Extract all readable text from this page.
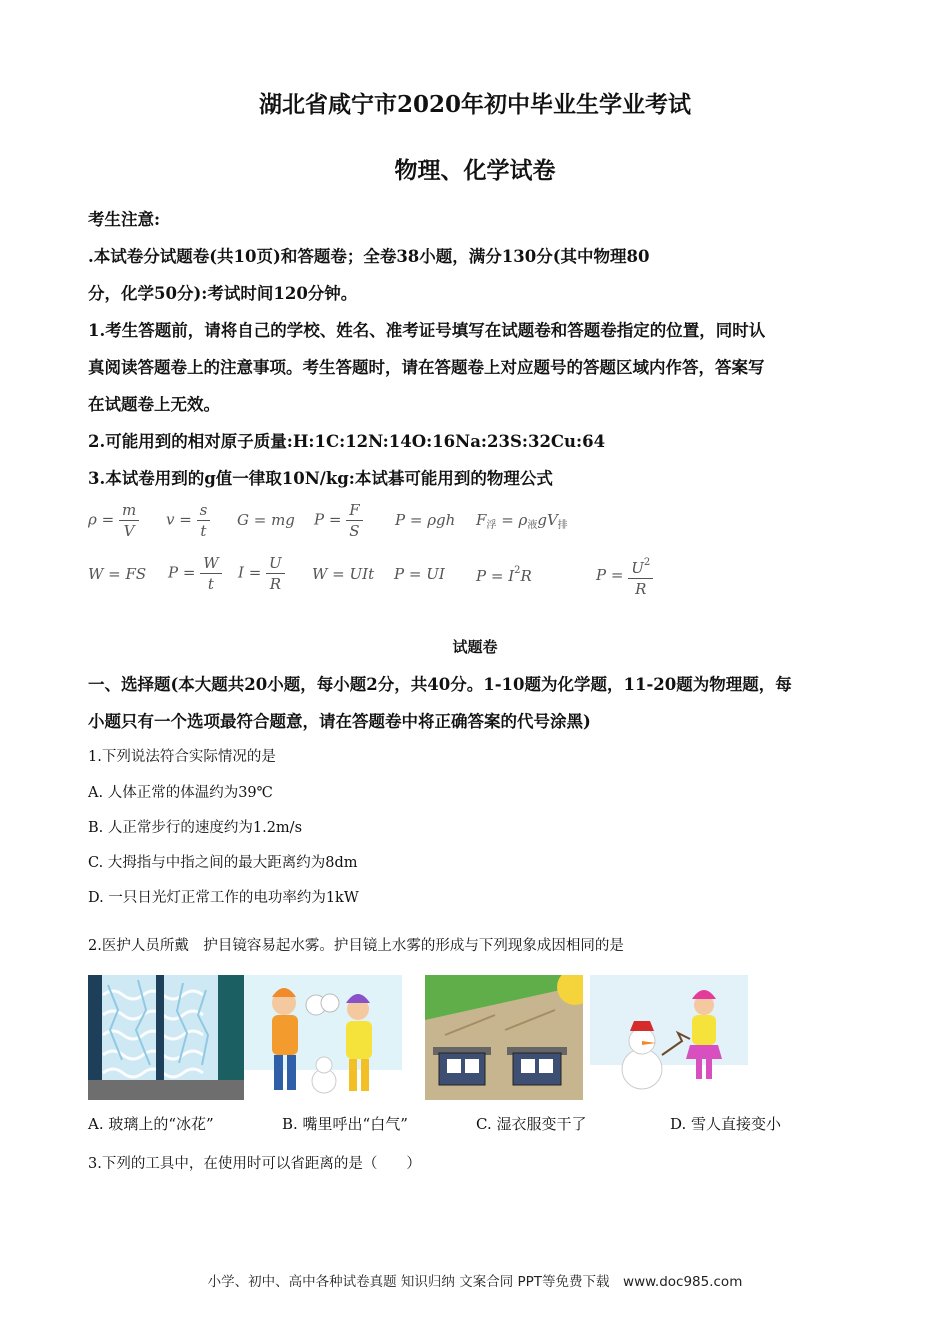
湖北省咸宁市2020年初中毕业生学业考试
物理、化学试卷
考生注意:
.本试卷分试题卷(共10页)和答题卷；全卷38小题，满分130分(其中物理80
分，化学50分):考试时间120分钟。
1.考生答题前，请将自己的学校、姓名、准考证号填写在试题卷和答题卷指定的位置，同时认
真阅读答题卷上的注意事项。考生答题时，请在答题卷上对应题号的答题区域内作答，答案写
在试题卷上无效。
2.可能用到的相对原子质量:H:1C:12N:14O:16Na:23S:32Cu:64
3.本试卷用到的g值一律取10N/kg:本试碁可能用到的物理公式
$\rho = \frac{m}{V}$ $v = \frac{s}{t}$ G = mg $P = \frac{F}{S}$ P = ρgh $F_浮 = \rho_液gV_排$
W = FS $P = \frac{W}{t}$ $I = \frac{U}{R}$ W = UIt P = UI $P = I^2R$	$P = \frac{U^2}{R}$
试题卷
一、选择题(本大题共20小题，每小题2分，共40分。1-10题为化学题，11-20题为物理题，每
小题只有一个选项最符合题意，请在答题卷中将正确答案的代号涂黑)
1.下列说法符合实际情况的是
A. 人体正常的体温约为39℃
B. 人正常步行的速度约为1.2m/s
C. 大拇指与中指之间的最大距离约为8dm
D. 一只日光灯正常工作的电功率约为1kW
2.医护人员所戴　护目镜容易起水雾。护目镜上水雾的形成与下列现象成因相同的是
A. 玻璃上的“冰花”	B. 嘴里呼出“白气”	C. 湿衣服变干了	D. 雪人直接变小
3.下列的工具中，在使用时可以省距离的是（　　）
小学、初中、高中各种试卷真题 知识归纳 文案合同 PPT等免费下载　www.doc985.com
